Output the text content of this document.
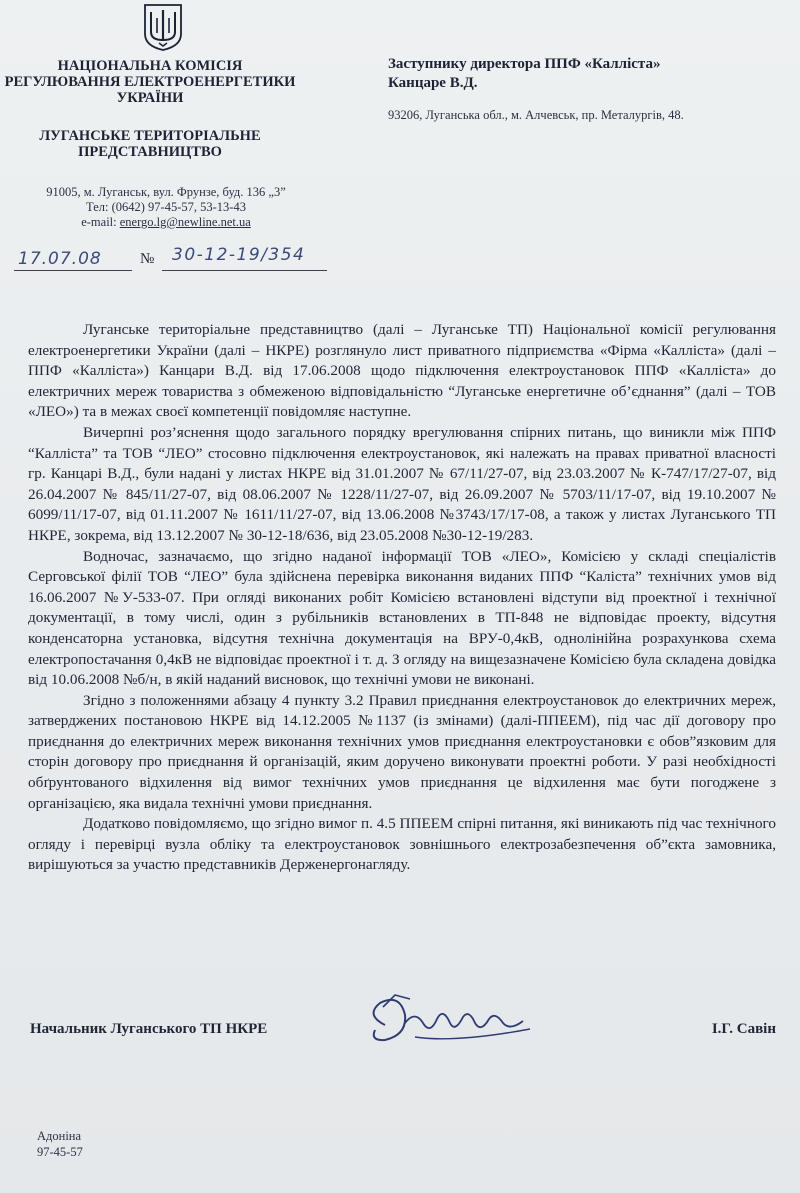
НАЦІОНАЛЬНА КОМІСІЯ
РЕГУЛЮВАННЯ ЕЛЕКТРОЕНЕРГЕТИКИ
УКРАЇНИ
ЛУГАНСЬКЕ ТЕРИТОРІАЛЬНЕ
ПРЕДСТАВНИЦТВО
91005, м. Луганськ, вул. Фрунзе, буд. 136 „3”
Тел: (0642) 97-45-57, 53-13-43
e-mail: energo.lg@newline.net.ua
Заступнику директора ППФ «Каллiста»
Канцаре В.Д.
93206, Луганська обл., м. Алчевськ, пр. Металургів, 48.
17.07.08	№ 30-12-19/354

Луганське територіальне представництво (далі – Луганське ТП) Національної комісії регулювання електроенергетики України (далі – НКРЕ) розглянуло лист приватного підприємства «Фірма «Каллiста» (далі – ППФ «Каллiста») Канцари В.Д. від 17.06.2008 щодо підключення електроустановок ППФ «Каллiста» до електричних мереж товариства з обмеженою відповідальністю “Луганське енергетичне об’єднання” (далі – ТОВ «ЛЕО») та в межах своєї компетенції повідомляє наступне.

Вичерпні роз’яснення щодо загального порядку врегулювання спірних питань, що виникли між ППФ “Каллiста” та ТОВ “ЛЕО” стосовно підключення електроустановок, які належать на правах приватної власності гр. Канцарі В.Д., були надані у листах НКРЕ від 31.01.2007 № 67/11/27-07, від 23.03.2007 № К-747/17/27-07, від 26.04.2007 № 845/11/27-07, від 08.06.2007 № 1228/11/27-07, від 26.09.2007 № 5703/11/17-07, від 19.10.2007 № 6099/11/17-07, від 01.11.2007 № 1611/11/27-07, від 13.06.2008 №3743/17/17-08, а також у листах Луганського ТП НКРЕ, зокрема, від 13.12.2007 № 30-12-18/636, від 23.05.2008 №30-12-19/283.

Водночас, зазначаємо, що згідно наданої інформації ТОВ «ЛЕО», Комісією у складі спеціалістів Серговської філії ТОВ “ЛЕО” була здійснена перевірка виконання виданих ППФ “Каліста” технічних умов від 16.06.2007 №У-533-07. При огляді виконаних робіт Комісією встановлені відступи від проектної і технічної документації, в тому числі, один з рубільників встановлених в ТП-848 не відповідає проекту, відсутня конденсаторна установка, відсутня технічна документація на ВРУ-0,4кВ, однолінійна розрахункова схема електропостачання 0,4кВ не відповідає проектної і т. д. З огляду на вищезазначене Комісією була складена довідка від 10.06.2008 №б/н, в якій наданий висновок, що технічні умови не виконані.

Згідно з положеннями абзацу 4 пункту 3.2 Правил приєднання електроустановок до електричних мереж, затверджених постановою НКРЕ від 14.12.2005 №1137 (із змінами) (далі-ППЕЕМ), під час дії договору про приєднання до електричних мереж виконання технічних умов приєднання електроустановки є обов”язковим для сторін договору про приєднання й організацій, яким доручено виконувати проектні роботи. У разі необхідності обґрунтованого відхилення від вимог технічних умов приєднання це відхилення має бути погоджене з організацією, яка видала технічні умови приєднання.

Додатково повідомляємо, що згідно вимог п. 4.5 ППЕЕМ спірні питання, які виникають під час технічного огляду і перевірці вузла обліку та електроустановок зовнішнього електрозабезпечення об”єкта замовника, вирішуються за участю представників Держенергонагляду.

Начальник Луганського ТП НКРЕ	І.Г. Савін
Адоніна
97-45-57
